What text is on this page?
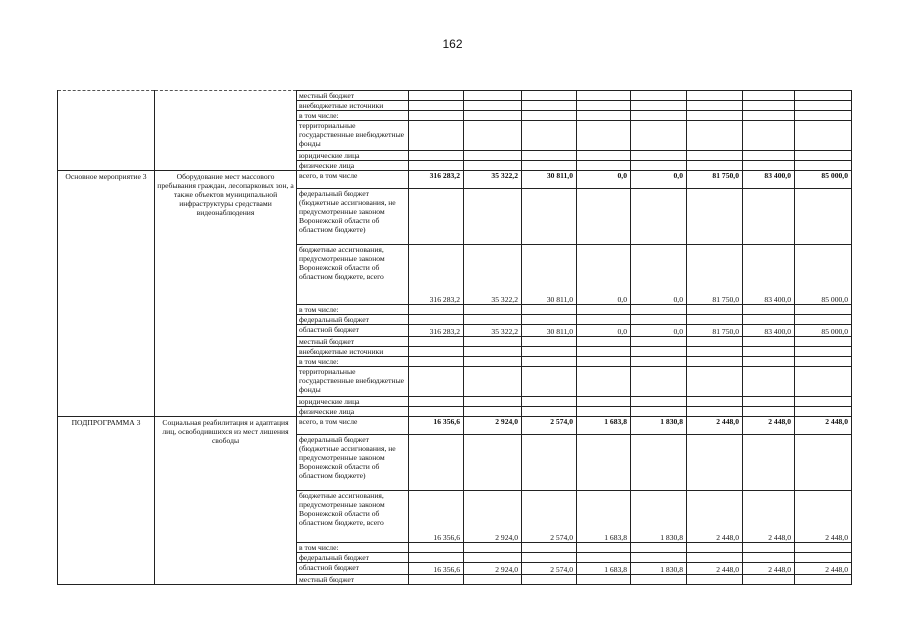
162
		местный бюджет								
		внебюджетные источники								
		в том числе:								
		территориальные государственные внебюджетные фонды								
		юридические лица								
		физические лица								
Основное мероприятие 3	Оборудование мест массового пребывания граждан, лесопарковых зон, а также объектов муниципальной инфраструктуры средствами видеонаблюдения	всего, в том числе	316 283,2	35 322,2	30 811,0	0,0	0,0	81 750,0	83 400,0	85 000,0
		федеральный бюджет (бюджетные ассигнования, не предусмотренные законом Воронежской области об областном бюджете)								
		бюджетные ассигнования, предусмотренные законом Воронежской области об областном бюджете, всего	316 283,2	35 322,2	30 811,0	0,0	0,0	81 750,0	83 400,0	85 000,0
		в том числе:								
		федеральный бюджет								
		областной бюджет	316 283,2	35 322,2	30 811,0	0,0	0,0	81 750,0	83 400,0	85 000,0
		местный бюджет								
		внебюджетные источники								
		в том числе:								
		территориальные государственные внебюджетные фонды								
		юридические лица								
		физические лица								
ПОДПРОГРАММА 3	Социальная реабилитация и адаптация лиц, освободившихся из мест лишения свободы	всего, в том числе	16 356,6	2 924,0	2 574,0	1 683,8	1 830,8	2 448,0	2 448,0	2 448,0
		федеральный бюджет (бюджетные ассигнования, не предусмотренные законом Воронежской области об областном бюджете)								
		бюджетные ассигнования, предусмотренные законом Воронежской области об областном бюджете, всего	16 356,6	2 924,0	2 574,0	1 683,8	1 830,8	2 448,0	2 448,0	2 448,0
		в том числе:								
		федеральный бюджет								
		областной бюджет	16 356,6	2 924,0	2 574,0	1 683,8	1 830,8	2 448,0	2 448,0	2 448,0
		местный бюджет								
